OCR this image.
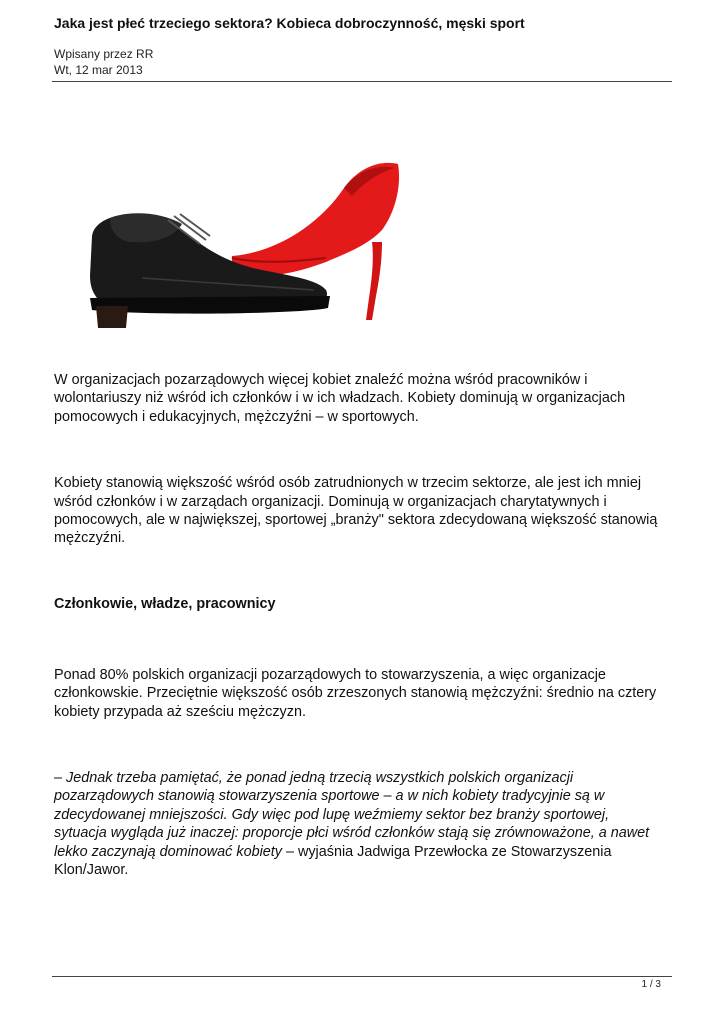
Jaka jest płeć trzeciego sektora? Kobieca dobroczynność, męski sport
Wpisany przez RR
Wt, 12 mar 2013

W organizacjach pozarządowych więcej kobiet znaleźć można wśród pracowników i
wolontariuszy niż wśród ich członków i w ich władzach. Kobiety dominują w organizacjach
pomocowych i edukacyjnych, mężczyźni – w sportowych.

Kobiety stanowią większość wśród osób zatrudnionych w trzecim sektorze, ale jest ich mniej
wśród członków i w zarządach organizacji. Dominują w organizacjach charytatywnych i
pomocowych, ale w największej, sportowej „branży" sektora zdecydowaną większość stanowią
mężczyźni.

Członkowie, władze, pracownicy

Ponad 80% polskich organizacji pozarządowych to stowarzyszenia, a więc organizacje
członkowskie. Przeciętnie większość osób zrzeszonych stanowią mężczyźni: średnio na cztery
kobiety przypada aż sześciu mężczyzn.

– Jednak trzeba pamiętać, że ponad jedną trzecią wszystkich polskich organizacji
pozarządowych stanowią stowarzyszenia sportowe – a w nich kobiety tradycyjnie są w
zdecydowanej mniejszości. Gdy więc pod lupę weźmiemy sektor bez branży sportowej,
sytuacja wygląda już inaczej: proporcje płci wśród członków stają się zrównoważone, a nawet
lekko zaczynają dominować kobiety – wyjaśnia Jadwiga Przewłocka ze Stowarzyszenia
Klon/Jawor.

1 / 3
